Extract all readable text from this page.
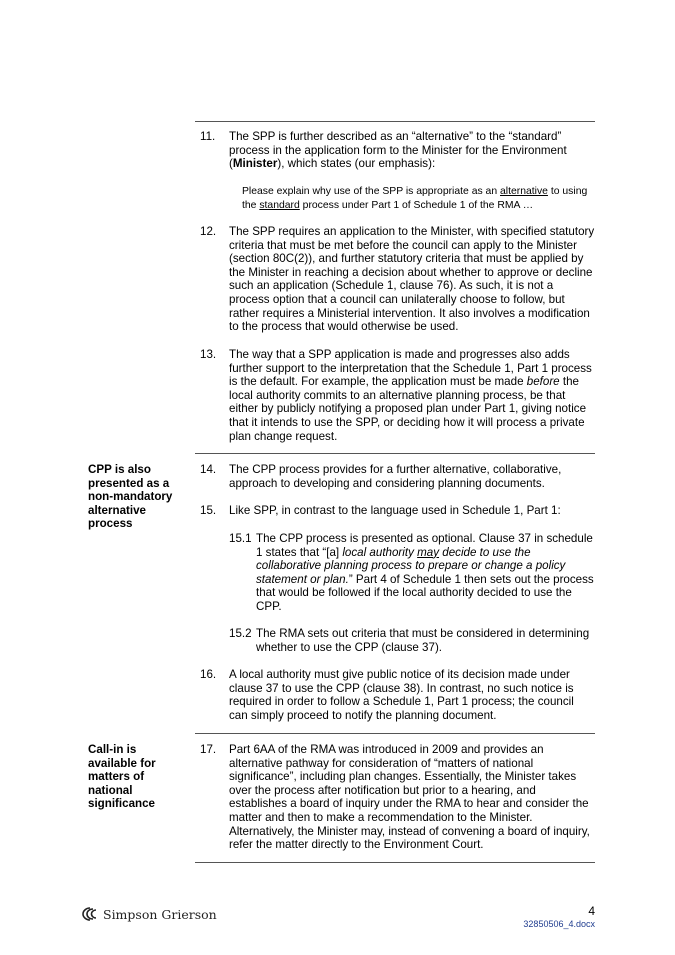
11. The SPP is further described as an “alternative” to the “standard” process in the application form to the Minister for the Environment (Minister), which states (our emphasis):
Please explain why use of the SPP is appropriate as an alternative to using the standard process under Part 1 of Schedule 1 of the RMA …
12. The SPP requires an application to the Minister, with specified statutory criteria that must be met before the council can apply to the Minister (section 80C(2)), and further statutory criteria that must be applied by the Minister in reaching a decision about whether to approve or decline such an application (Schedule 1, clause 76). As such, it is not a process option that a council can unilaterally choose to follow, but rather requires a Ministerial intervention. It also involves a modification to the process that would otherwise be used.
13. The way that a SPP application is made and progresses also adds further support to the interpretation that the Schedule 1, Part 1 process is the default. For example, the application must be made before the local authority commits to an alternative planning process, be that either by publicly notifying a proposed plan under Part 1, giving notice that it intends to use the SPP, or deciding how it will process a private plan change request.
CPP is also presented as a non-mandatory alternative process
14. The CPP process provides for a further alternative, collaborative, approach to developing and considering planning documents.
15. Like SPP, in contrast to the language used in Schedule 1, Part 1:
15.1 The CPP process is presented as optional. Clause 37 in schedule 1 states that “[a] local authority may decide to use the collaborative planning process to prepare or change a policy statement or plan.” Part 4 of Schedule 1 then sets out the process that would be followed if the local authority decided to use the CPP.
15.2 The RMA sets out criteria that must be considered in determining whether to use the CPP (clause 37).
16. A local authority must give public notice of its decision made under clause 37 to use the CPP (clause 38). In contrast, no such notice is required in order to follow a Schedule 1, Part 1 process; the council can simply proceed to notify the planning document.
Call-in is available for matters of national significance
17. Part 6AA of the RMA was introduced in 2009 and provides an alternative pathway for consideration of “matters of national significance”, including plan changes. Essentially, the Minister takes over the process after notification but prior to a hearing, and establishes a board of inquiry under the RMA to hear and consider the matter and then to make a recommendation to the Minister. Alternatively, the Minister may, instead of convening a board of inquiry, refer the matter directly to the Environment Court.
Simpson Grierson	4
32850506_4.docx
